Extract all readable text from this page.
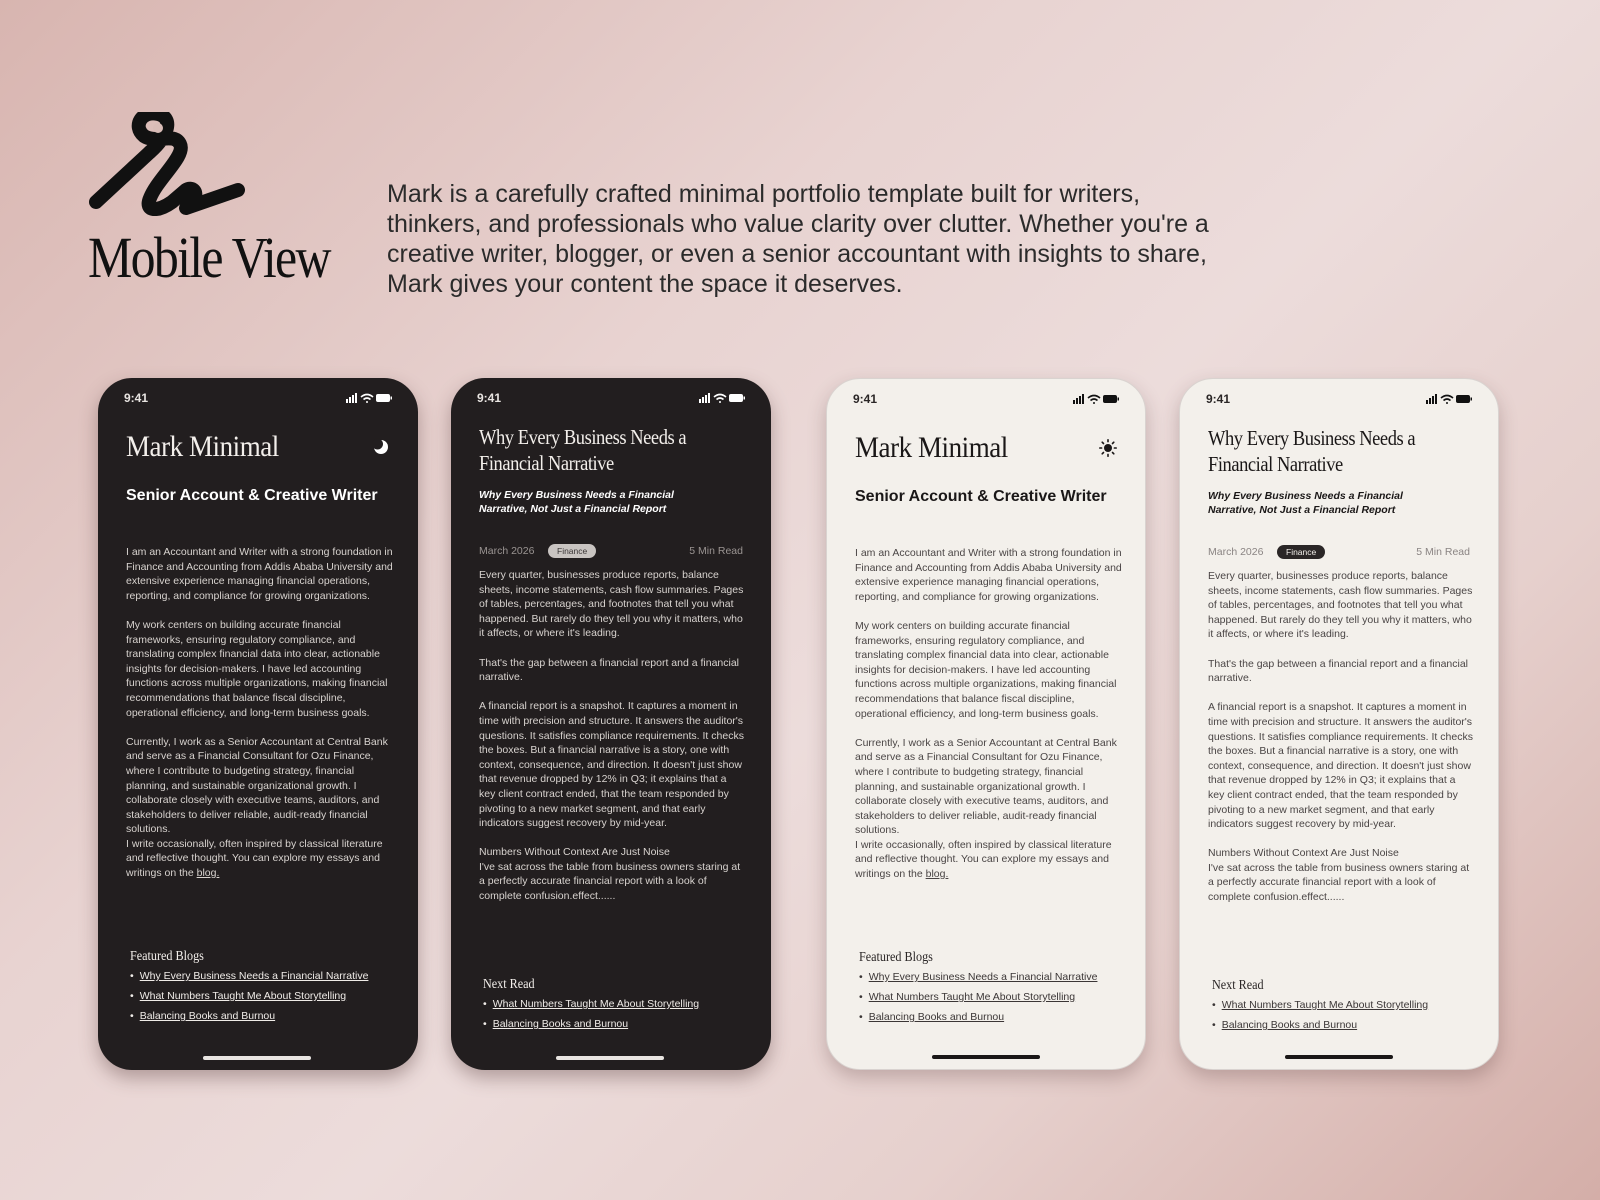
Mobile View
Mark is a carefully crafted minimal portfolio template built for writers, thinkers, and professionals who value clarity over clutter. Whether you're a creative writer, blogger, or even a senior accountant with insights to share, Mark gives your content the space it deserves.
9:41
Mark Minimal
Senior Account & Creative Writer

I am an Accountant and Writer with a strong foundation in Finance and Accounting from Addis Ababa University and extensive experience managing financial operations, reporting, and compliance for growing organizations.

My work centers on building accurate financial frameworks, ensuring regulatory compliance, and translating complex financial data into clear, actionable insights for decision-makers. I have led accounting functions across multiple organizations, making financial recommendations that balance fiscal discipline, operational efficiency, and long-term business goals.

Currently, I work as a Senior Accountant at Central Bank and serve as a Financial Consultant for Ozu Finance, where I contribute to budgeting strategy, financial planning, and sustainable organizational growth. I collaborate closely with executive teams, auditors, and stakeholders to deliver reliable, audit-ready financial solutions.

I write occasionally, often inspired by classical literature and reflective thought. You can explore my essays and writings on the blog.

Featured Blogs
• Why Every Business Needs a Financial Narrative
• What Numbers Taught Me About Storytelling
• Balancing Books and Burnou
9:41
Why Every Business Needs a Financial Narrative
Why Every Business Needs a Financial Narrative, Not Just a Financial Report
March 2026	Finance	5 Min Read

Every quarter, businesses produce reports, balance sheets, income statements, cash flow summaries. Pages of tables, percentages, and footnotes that tell you what happened. But rarely do they tell you why it matters, who it affects, or where it's leading.

That's the gap between a financial report and a financial narrative.

A financial report is a snapshot. It captures a moment in time with precision and structure. It answers the auditor's questions. It satisfies compliance requirements. It checks the boxes. But a financial narrative is a story, one with context, consequence, and direction. It doesn't just show that revenue dropped by 12% in Q3; it explains that a key client contract ended, that the team responded by pivoting to a new market segment, and that early indicators suggest recovery by mid-year.

Numbers Without Context Are Just Noise

I've sat across the table from business owners staring at a perfectly accurate financial report with a look of complete confusion.effect......

Next Read
• What Numbers Taught Me About Storytelling
• Balancing Books and Burnou
9:41
Mark Minimal
Senior Account & Creative Writer

I am an Accountant and Writer with a strong foundation in Finance and Accounting from Addis Ababa University and extensive experience managing financial operations, reporting, and compliance for growing organizations.

My work centers on building accurate financial frameworks, ensuring regulatory compliance, and translating complex financial data into clear, actionable insights for decision-makers. I have led accounting functions across multiple organizations, making financial recommendations that balance fiscal discipline, operational efficiency, and long-term business goals.

Currently, I work as a Senior Accountant at Central Bank and serve as a Financial Consultant for Ozu Finance, where I contribute to budgeting strategy, financial planning, and sustainable organizational growth. I collaborate closely with executive teams, auditors, and stakeholders to deliver reliable, audit-ready financial solutions.

I write occasionally, often inspired by classical literature and reflective thought. You can explore my essays and writings on the blog.

Featured Blogs
• Why Every Business Needs a Financial Narrative
• What Numbers Taught Me About Storytelling
• Balancing Books and Burnou
9:41
Why Every Business Needs a Financial Narrative
Why Every Business Needs a Financial Narrative, Not Just a Financial Report
March 2026	Finance	5 Min Read

Every quarter, businesses produce reports, balance sheets, income statements, cash flow summaries. Pages of tables, percentages, and footnotes that tell you what happened. But rarely do they tell you why it matters, who it affects, or where it's leading.

That's the gap between a financial report and a financial narrative.

A financial report is a snapshot. It captures a moment in time with precision and structure. It answers the auditor's questions. It satisfies compliance requirements. It checks the boxes. But a financial narrative is a story, one with context, consequence, and direction. It doesn't just show that revenue dropped by 12% in Q3; it explains that a key client contract ended, that the team responded by pivoting to a new market segment, and that early indicators suggest recovery by mid-year.

Numbers Without Context Are Just Noise

I've sat across the table from business owners staring at a perfectly accurate financial report with a look of complete confusion.effect......

Next Read
• What Numbers Taught Me About Storytelling
• Balancing Books and Burnou
